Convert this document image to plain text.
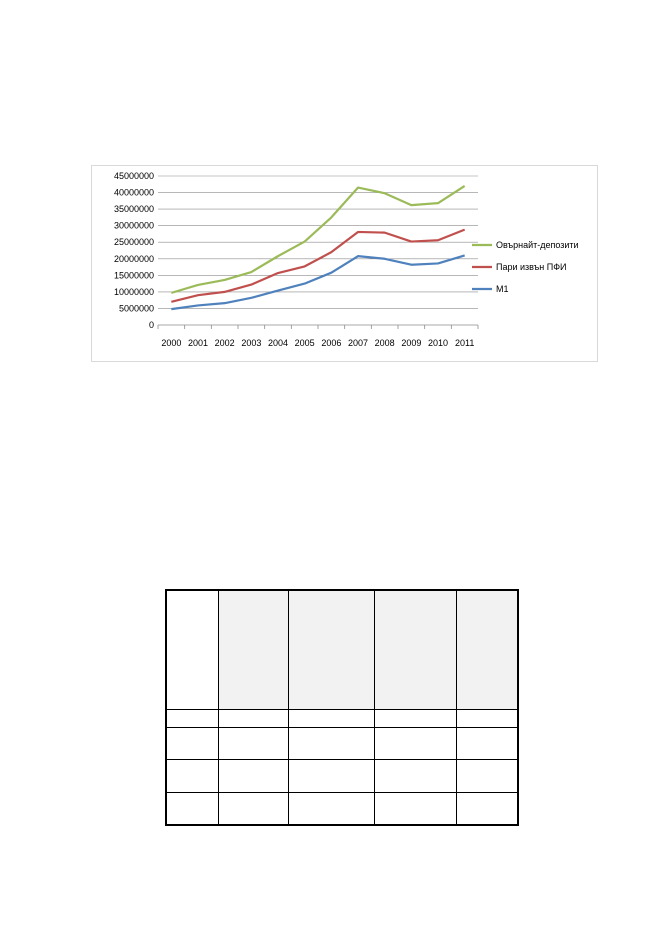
0
5000000
10000000
15000000
20000000
25000000
30000000
35000000
40000000
45000000
2000 2001 2002 2003 2004 2005 2006 2007 2008 2009 2010 2011
Овърнайт-депозити
Пари извън ПФИ
M1
